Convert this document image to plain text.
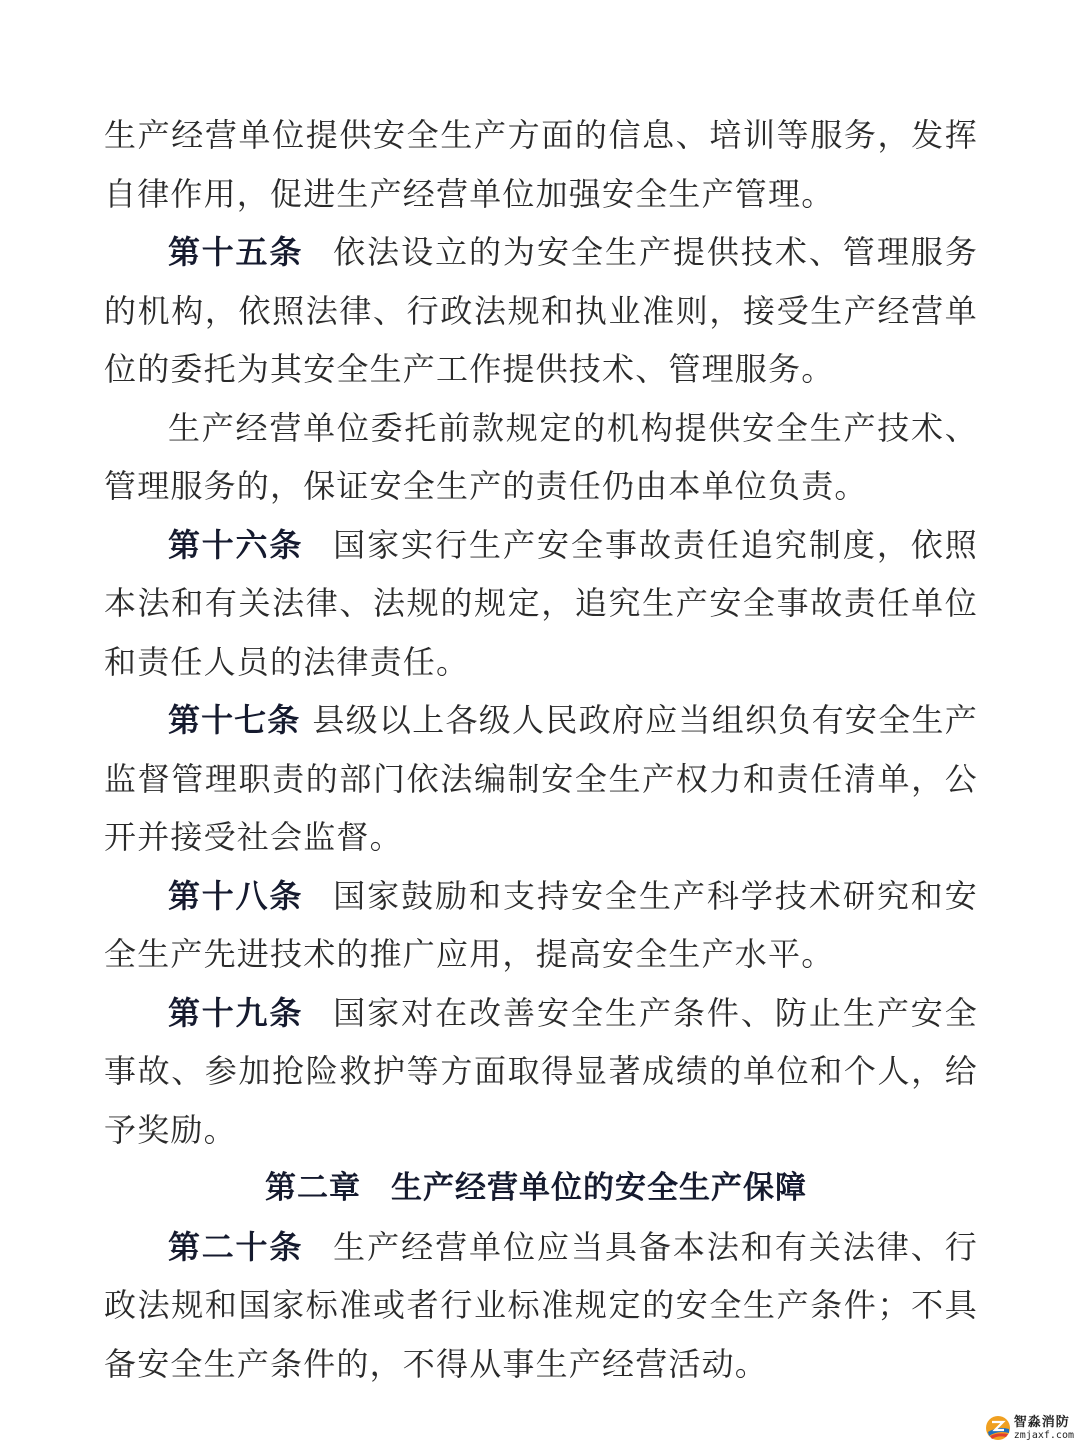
生产经营单位提供安全生产方面的信息、培训等服务，发挥自律作用，促进生产经营单位加强安全生产管理。

第十五条 依法设立的为安全生产提供技术、管理服务的机构，依照法律、行政法规和执业准则，接受生产经营单位的委托为其安全生产工作提供技术、管理服务。

生产经营单位委托前款规定的机构提供安全生产技术、管理服务的，保证安全生产的责任仍由本单位负责。

第十六条 国家实行生产安全事故责任追究制度，依照本法和有关法律、法规的规定，追究生产安全事故责任单位和责任人员的法律责任。

第十七条 县级以上各级人民政府应当组织负有安全生产监督管理职责的部门依法编制安全生产权力和责任清单，公开并接受社会监督。

第十八条 国家鼓励和支持安全生产科学技术研究和安全生产先进技术的推广应用，提高安全生产水平。

第十九条 国家对在改善安全生产条件、防止生产安全事故、参加抢险救护等方面取得显著成绩的单位和个人，给予奖励。

第二章 生产经营单位的安全生产保障

第二十条 生产经营单位应当具备本法和有关法律、行政法规和国家标准或者行业标准规定的安全生产条件；不具备安全生产条件的，不得从事生产经营活动。

智淼消防
zmjaxf.com
